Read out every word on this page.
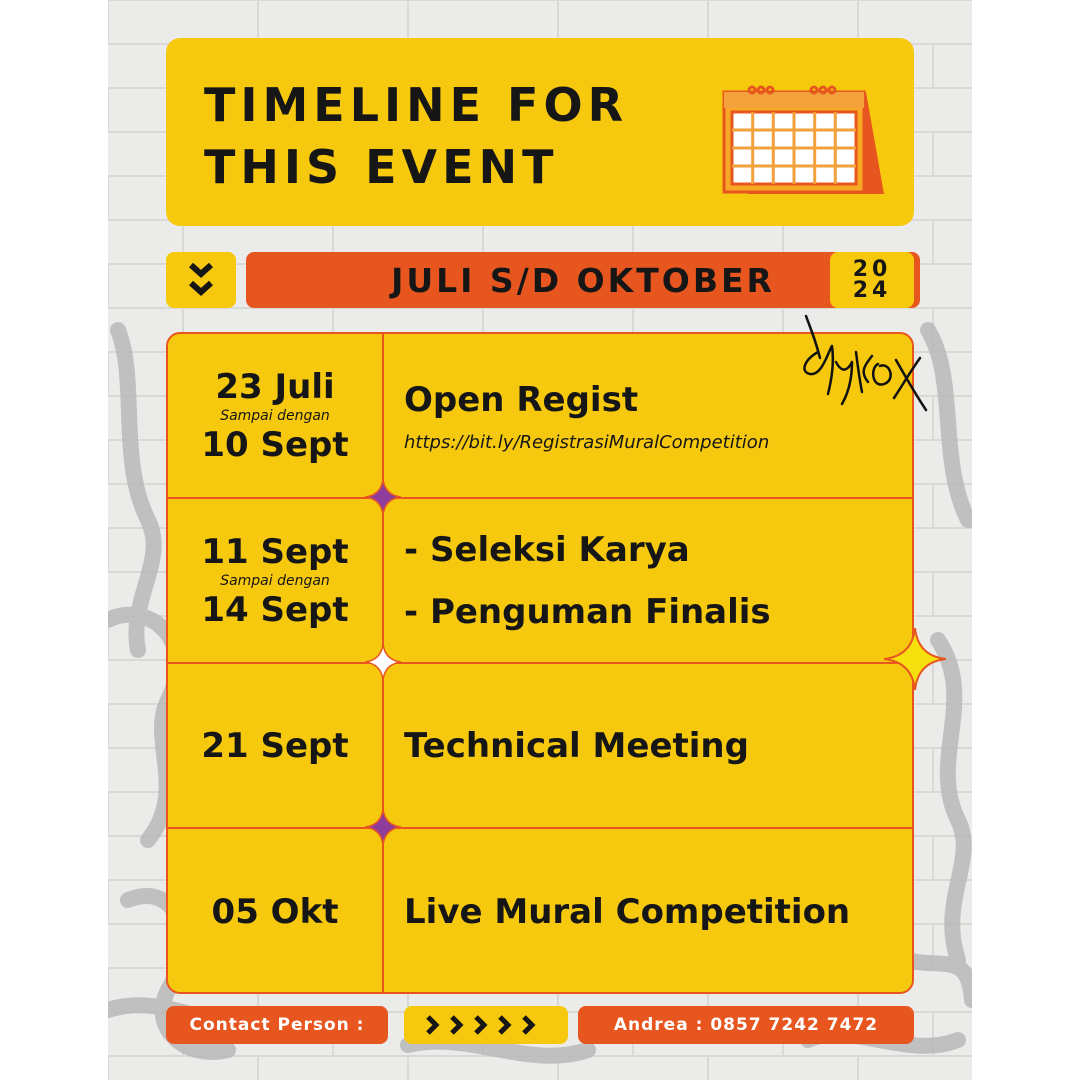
TIMELINE FOR
THIS EVENT

JULI S/D OKTOBER	20
24
23 Juli
Sampai dengan
10 Sept
Open Regist
https://bit.ly/RegistrasiMuralCompetition
11 Sept
Sampai dengan
14 Sept
- Seleksi Karya
- Penguman Finalis
21 Sept Technical Meeting
05 Okt Live Mural Competition
Contact Person :	Andrea : 0857 7242 7472
